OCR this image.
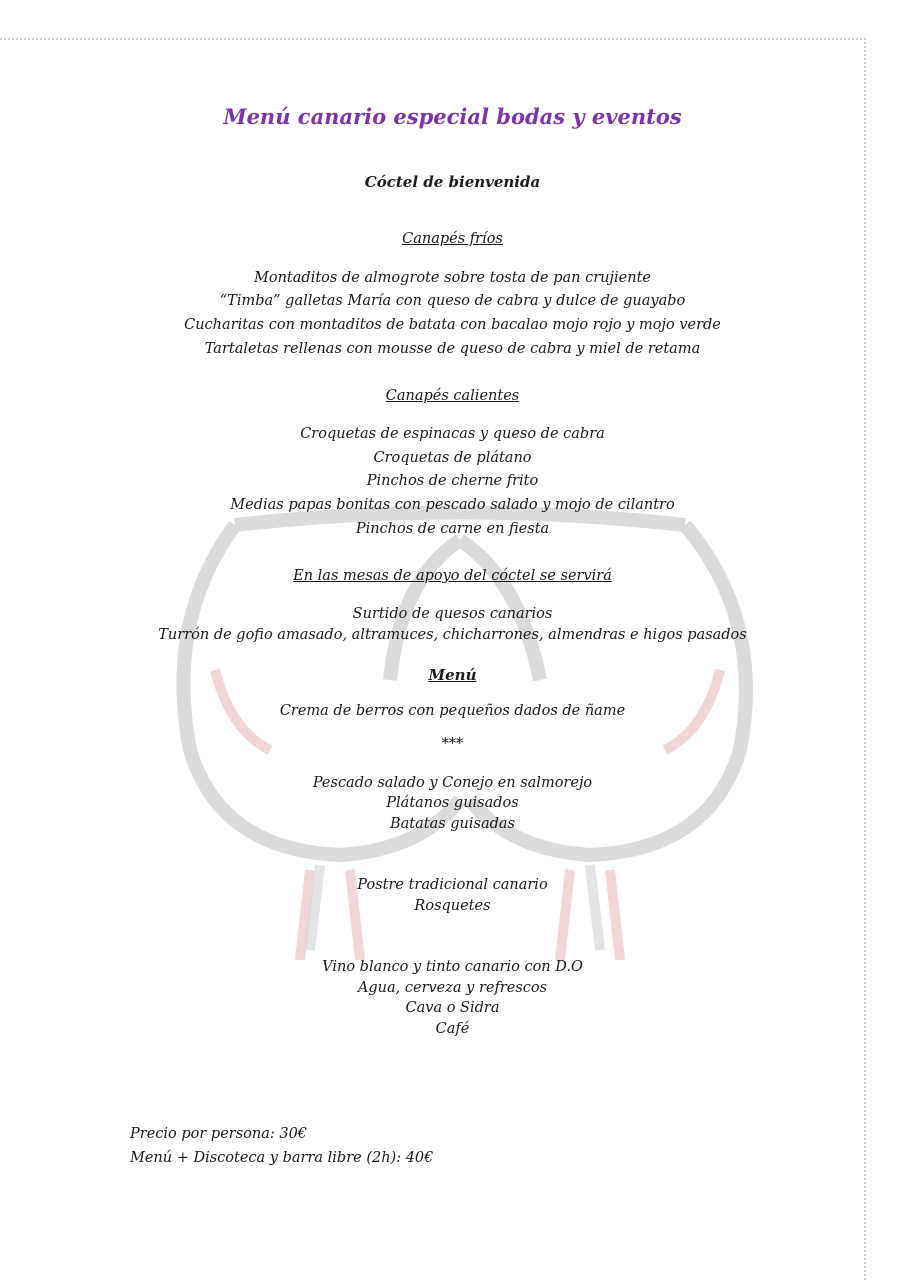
Menú canario especial bodas y eventos
Cóctel de bienvenida
Canapés fríos
Montaditos de almogrote sobre tosta de pan crujiente
“Timba” galletas María con queso de cabra y dulce de guayabo
Cucharitas con montaditos de batata con bacalao mojo rojo y mojo verde
Tartaletas rellenas con mousse de queso de cabra y miel de retama
Canapés calientes
Croquetas de espinacas y queso de cabra
Croquetas de plátano
Pinchos de cherne frito
Medias papas bonitas con pescado salado y mojo de cilantro
Pinchos de carne en fiesta
En las mesas de apoyo del cóctel se servirá
Surtido de quesos canarios
Turrón de gofio amasado, altramuces, chicharrones, almendras e higos pasados
Menú
Crema de berros con pequeños dados de ñame
***
Pescado salado y Conejo en salmorejo
Plátanos guisados
Batatas guisadas
Postre tradicional canario
Rosquetes
Vino blanco y tinto canario con D.O
Agua, cerveza y refrescos
Cava o Sidra
Café
Precio por persona: 30€
Menú + Discoteca y barra libre (2h): 40€
